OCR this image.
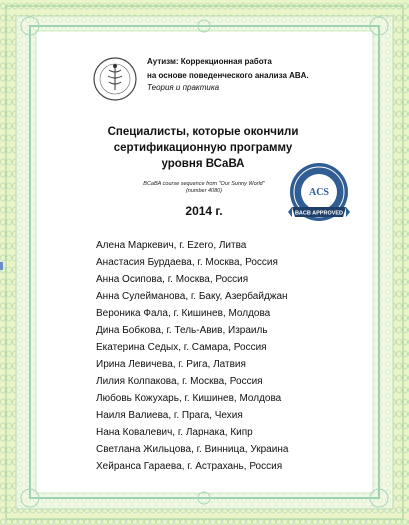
Аутизм: Коррекционная работа
на основе поведенческого анализа ABA.
Теория и практика
Специалисты, которые окончили
сертификационную программу
уровня ВСаВА
BCaBA course sequence from "Our Sunny World"
(number 4080)
2014 г.
ACS
BACB APPROVED
Алена Маркевич, г. Ezero, Литва
Анастасия Бурдаева, г. Москва, Россия
Анна Осипова, г. Москва, Россия
Анна Сулейманова, г. Баку, Азербайджан
Вероника Фала, г. Кишинев, Молдова
Дина Бобкова, г. Тель-Авив, Израиль
Екатерина Седых, г. Самара, Россия
Ирина Левичева, г. Рига, Латвия
Лилия Колпакова, г. Москва, Россия
Любовь Кожухарь, г. Кишинев, Молдова
Наиля Валиева, г. Прага, Чехия
Нана Ковалевич, г. Ларнака, Кипр
Светлана Жильцова, г. Винница, Украина
Хейранса Гараева, г. Астрахань, Россия
